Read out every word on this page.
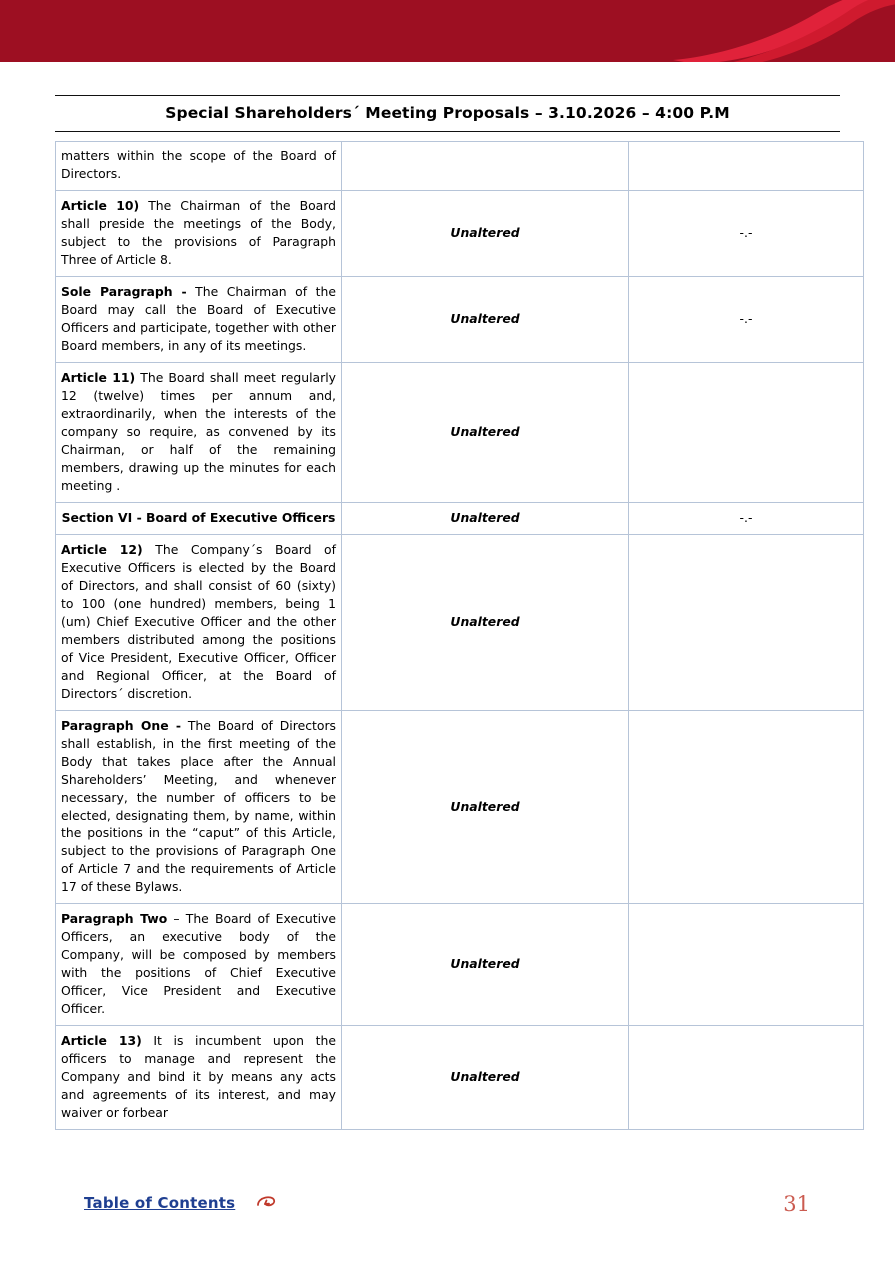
Special Shareholders´ Meeting Proposals – 3.10.2026 – 4:00 P.M
matters within the scope of the Board of Directors.		
Article 10) The Chairman of the Board shall preside the meetings of the Body, subject to the provisions of Paragraph Three of Article 8.	Unaltered	-.-
Sole Paragraph - The Chairman of the Board may call the Board of Executive Officers and participate, together with other Board members, in any of its meetings.	Unaltered	-.-
Article 11) The Board shall meet regularly 12 (twelve) times per annum and, extraordinarily, when the interests of the company so require, as convened by its Chairman, or half of the remaining members, drawing up the minutes for each meeting .	Unaltered	
Section VI - Board of Executive Officers	Unaltered	-.-
Article 12) The Company´s Board of Executive Officers is elected by the Board of Directors, and shall consist of 60 (sixty) to 100 (one hundred) members, being 1 (um) Chief Executive Officer and the other members distributed among the positions of Vice President, Executive Officer, Officer and Regional Officer, at the Board of Directors´ discretion.	Unaltered	
Paragraph One - The Board of Directors shall establish, in the first meeting of the Body that takes place after the Annual Shareholders’ Meeting, and whenever necessary, the number of officers to be elected, designating them, by name, within the positions in the “caput” of this Article, subject to the provisions of Paragraph One of Article 7 and the requirements of Article 17 of these Bylaws.	Unaltered	
Paragraph Two – The Board of Executive Officers, an executive body of the Company, will be composed by members with the positions of Chief Executive Officer, Vice President and Executive Officer.	Unaltered	
Article 13) It is incumbent upon the officers to manage and represent the Company and bind it by means any acts and agreements of its interest, and may waiver or forbear	Unaltered	
Table of Contents	31
